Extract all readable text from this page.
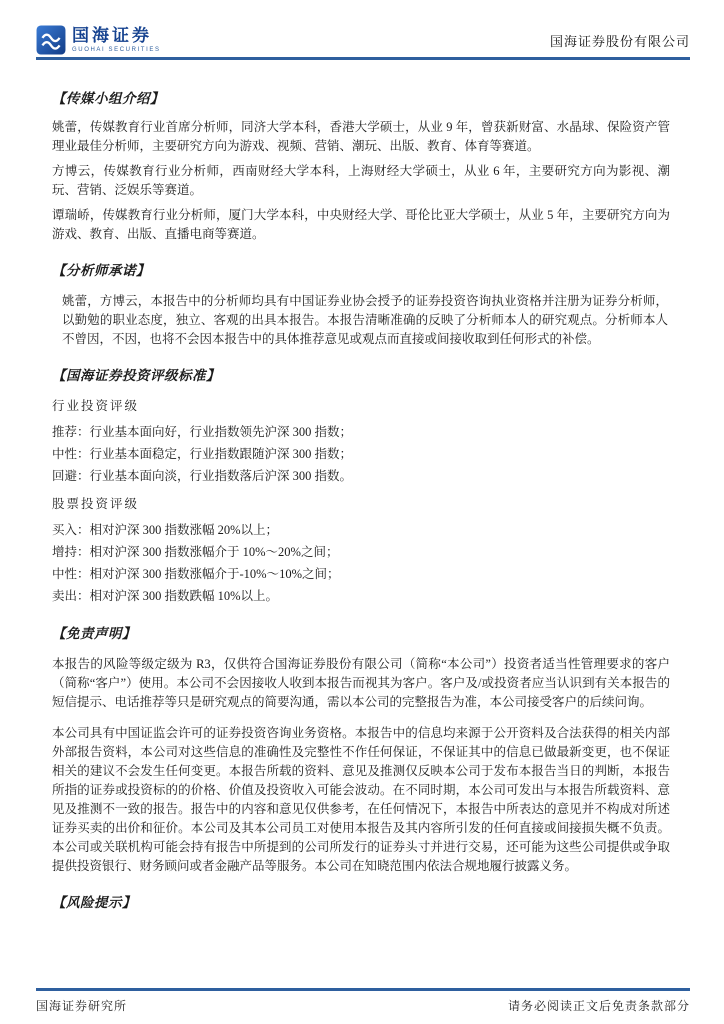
国海证券
GUOHAI SECURITIES
国海证券股份有限公司
【传媒小组介绍】

姚蕾，传媒教育行业首席分析师，同济大学本科，香港大学硕士，从业 9 年，曾获新财富、水晶球、保险资产管理业最佳分析师，主要研究方向为游戏、视频、营销、潮玩、出版、教育、体育等赛道。

方博云，传媒教育行业分析师，西南财经大学本科，上海财经大学硕士，从业 6 年，主要研究方向为影视、潮玩、营销、泛娱乐等赛道。

谭瑞峤，传媒教育行业分析师，厦门大学本科，中央财经大学、哥伦比亚大学硕士，从业 5 年，主要研究方向为游戏、教育、出版、直播电商等赛道。

【分析师承诺】

姚蕾，方博云，本报告中的分析师均具有中国证券业协会授予的证券投资咨询执业资格并注册为证券分析师，以勤勉的职业态度，独立、客观的出具本报告。本报告清晰准确的反映了分析师本人的研究观点。分析师本人不曾因，不因，也将不会因本报告中的具体推荐意见或观点而直接或间接收取到任何形式的补偿。

【国海证券投资评级标准】
行业投资评级
推荐：行业基本面向好，行业指数领先沪深 300 指数；
中性：行业基本面稳定，行业指数跟随沪深 300 指数；
回避：行业基本面向淡，行业指数落后沪深 300 指数。
股票投资评级
买入：相对沪深 300 指数涨幅 20%以上；
增持：相对沪深 300 指数涨幅介于 10%～20%之间；
中性：相对沪深 300 指数涨幅介于-10%～10%之间；
卖出：相对沪深 300 指数跌幅 10%以上。
【免责声明】

本报告的风险等级定级为 R3，仅供符合国海证券股份有限公司（简称“本公司”）投资者适当性管理要求的客户（简称“客户”）使用。本公司不会因接收人收到本报告而视其为客户。客户及/或投资者应当认识到有关本报告的短信提示、电话推荐等只是研究观点的简要沟通，需以本公司的完整报告为准，本公司接受客户的后续问询。

本公司具有中国证监会许可的证券投资咨询业务资格。本报告中的信息均来源于公开资料及合法获得的相关内部外部报告资料，本公司对这些信息的准确性及完整性不作任何保证，不保证其中的信息已做最新变更，也不保证相关的建议不会发生任何变更。本报告所载的资料、意见及推测仅反映本公司于发布本报告当日的判断，本报告所指的证券或投资标的的价格、价值及投资收入可能会波动。在不同时期，本公司可发出与本报告所载资料、意见及推测不一致的报告。报告中的内容和意见仅供参考，在任何情况下，本报告中所表达的意见并不构成对所述证券买卖的出价和征价。本公司及其本公司员工对使用本报告及其内容所引发的任何直接或间接损失概不负责。本公司或关联机构可能会持有报告中所提到的公司所发行的证券头寸并进行交易，还可能为这些公司提供或争取提供投资银行、财务顾问或者金融产品等服务。本公司在知晓范围内依法合规地履行披露义务。

【风险提示】
国海证券研究所	请务必阅读正文后免责条款部分
